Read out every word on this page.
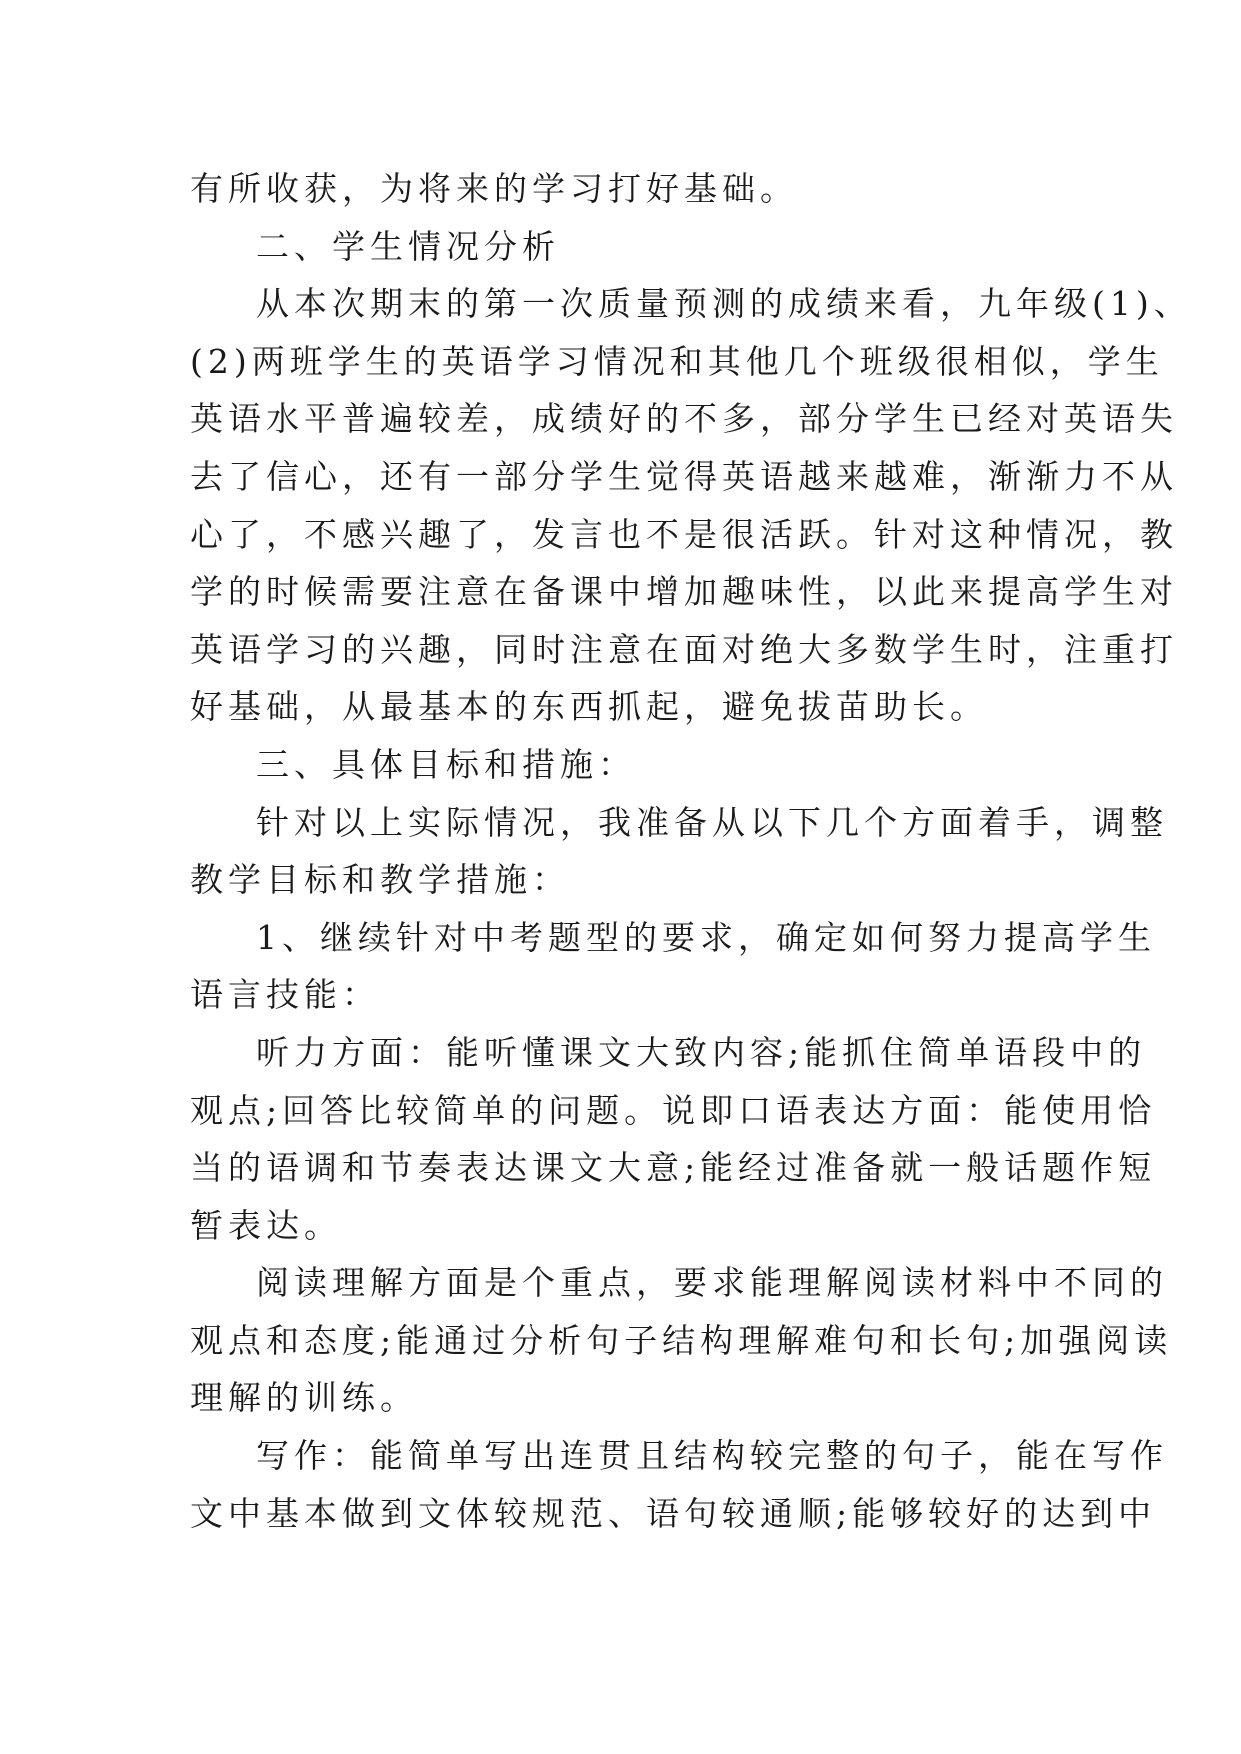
有所收获，为将来的学习打好基础。
二、学生情况分析
从本次期末的第一次质量预测的成绩来看，九年级(1)、
(2)两班学生的英语学习情况和其他几个班级很相似，学生
英语水平普遍较差，成绩好的不多，部分学生已经对英语失
去了信心，还有一部分学生觉得英语越来越难，渐渐力不从
心了，不感兴趣了，发言也不是很活跃。针对这种情况，教
学的时候需要注意在备课中增加趣味性，以此来提高学生对
英语学习的兴趣，同时注意在面对绝大多数学生时，注重打
好基础，从最基本的东西抓起，避免拔苗助长。
三、具体目标和措施：
针对以上实际情况，我准备从以下几个方面着手，调整
教学目标和教学措施：
1、继续针对中考题型的要求，确定如何努力提高学生
语言技能：
听力方面：能听懂课文大致内容;能抓住简单语段中的
观点;回答比较简单的问题。说即口语表达方面：能使用恰
当的语调和节奏表达课文大意;能经过准备就一般话题作短
暂表达。
阅读理解方面是个重点，要求能理解阅读材料中不同的
观点和态度;能通过分析句子结构理解难句和长句;加强阅读
理解的训练。
写作：能简单写出连贯且结构较完整的句子，能在写作
文中基本做到文体较规范、语句较通顺;能够较好的达到中
